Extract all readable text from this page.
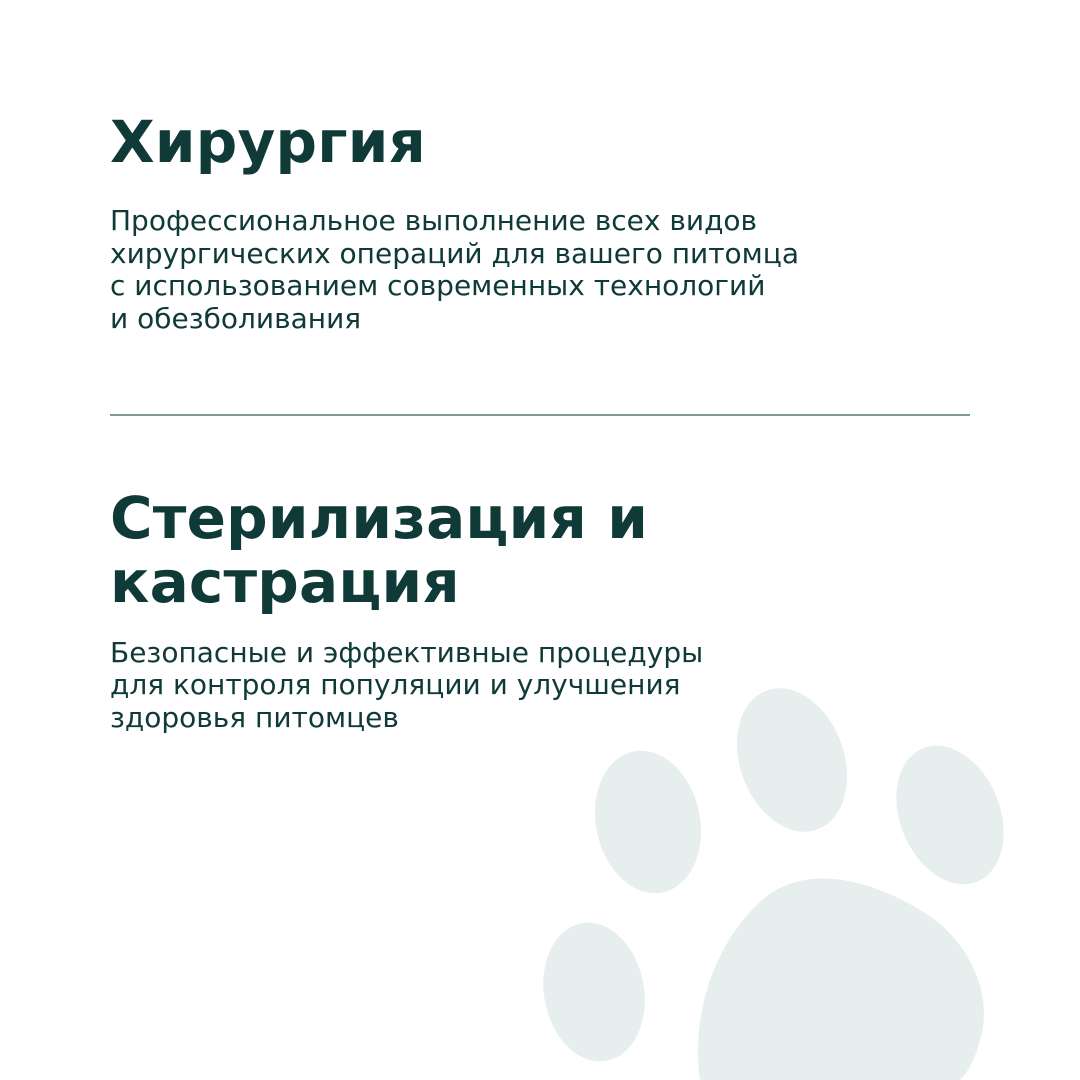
Хирургия

Профессиональное выполнение всех видов
хирургических операций для вашего питомца
с использованием современных технологий
и обезболивания

Стерилизация и кастрация

Безопасные и эффективные процедуры
для контроля популяции и улучшения
здоровья питомцев
